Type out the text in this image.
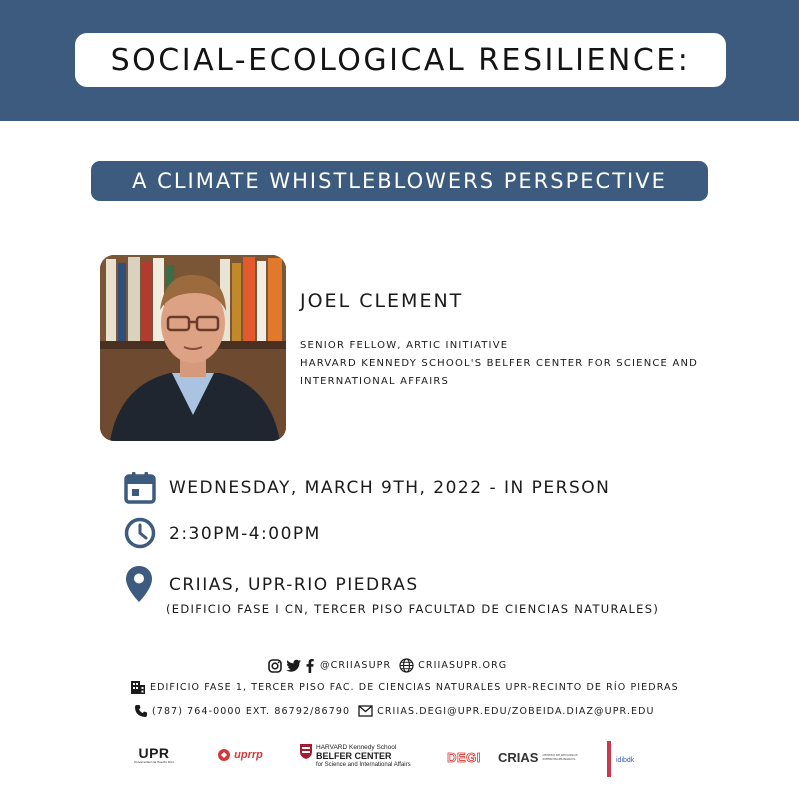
SOCIAL-ECOLOGICAL RESILIENCE:
A CLIMATE WHISTLEBLOWERS PERSPECTIVE
JOEL CLEMENT
SENIOR FELLOW, ARTIC INITIATIVE
HARVARD KENNEDY SCHOOL'S BELFER CENTER FOR SCIENCE AND
INTERNATIONAL AFFAIRS
WEDNESDAY, MARCH 9TH, 2022 - IN PERSON
2:30PM-4:00PM
CRIIAS, UPR-RIO PIEDRAS
(EDIFICIO FASE I CN, TERCER PISO FACULTAD DE CIENCIAS NATURALES)
@CRIIASUPR	CRIIASUPR.ORG
EDIFICIO FASE 1, TERCER PISO FAC. DE CIENCIAS NATURALES UPR-RECINTO DE RÍO PIEDRAS
(787) 764-0000 EXT. 86792/86790	CRIIAS.DEGI@UPR.EDU/ZOBEIDA.DIAZ@UPR.EDU
UPR
Universidad de Puerto Rico
uprrp
HARVARD Kennedy School
BELFER CENTER
for Science and International Affairs
DEGI CRIAS CENTRO DE RECURSOS INTERDISCIPLINARIOS	idibdk
